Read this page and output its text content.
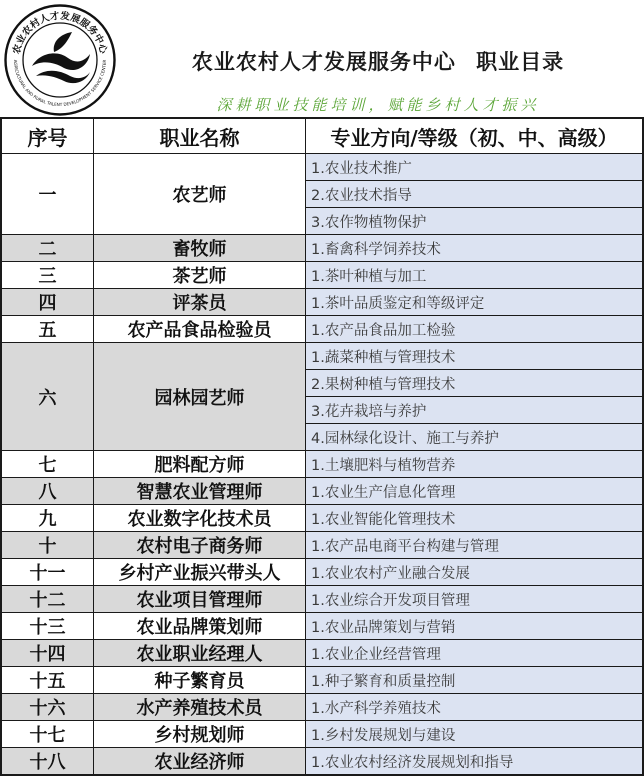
农业农村人才发展服务中心
AGRICULTURAL AND RURAL TALENT DEVELOPMENT SERVICE CENTER	农业农村人才发展服务中心 职业目录
深耕职业技能培训，赋能乡村人才振兴
序号	职业名称	专业方向/等级（初、中、高级）
一	农艺师
1.农业技术推广
2.农业技术指导
3.农作物植物保护
二	畜牧师	1.畜禽科学饲养技术
三	茶艺师	1.茶叶种植与加工
四	评茶员	1.茶叶品质鉴定和等级评定
五	农产品食品检验员	1.农产品食品加工检验
六	园林园艺师
1.蔬菜种植与管理技术
2.果树种植与管理技术
3.花卉栽培与养护
4.园林绿化设计、施工与养护
七	肥料配方师	1.土壤肥料与植物营养
八	智慧农业管理师	1.农业生产信息化管理
九	农业数字化技术员	1.农业智能化管理技术
十	农村电子商务师	1.农产品电商平台构建与管理
十一	乡村产业振兴带头人	1.农业农村产业融合发展
十二	农业项目管理师	1.农业综合开发项目管理
十三	农业品牌策划师	1.农业品牌策划与营销
十四	农业职业经理人	1.农业企业经营管理
十五	种子繁育员	1.种子繁育和质量控制
十六	水产养殖技术员	1.水产科学养殖技术
十七	乡村规划师	1.乡村发展规划与建设
十八	农业经济师	1.农业农村经济发展规划和指导
